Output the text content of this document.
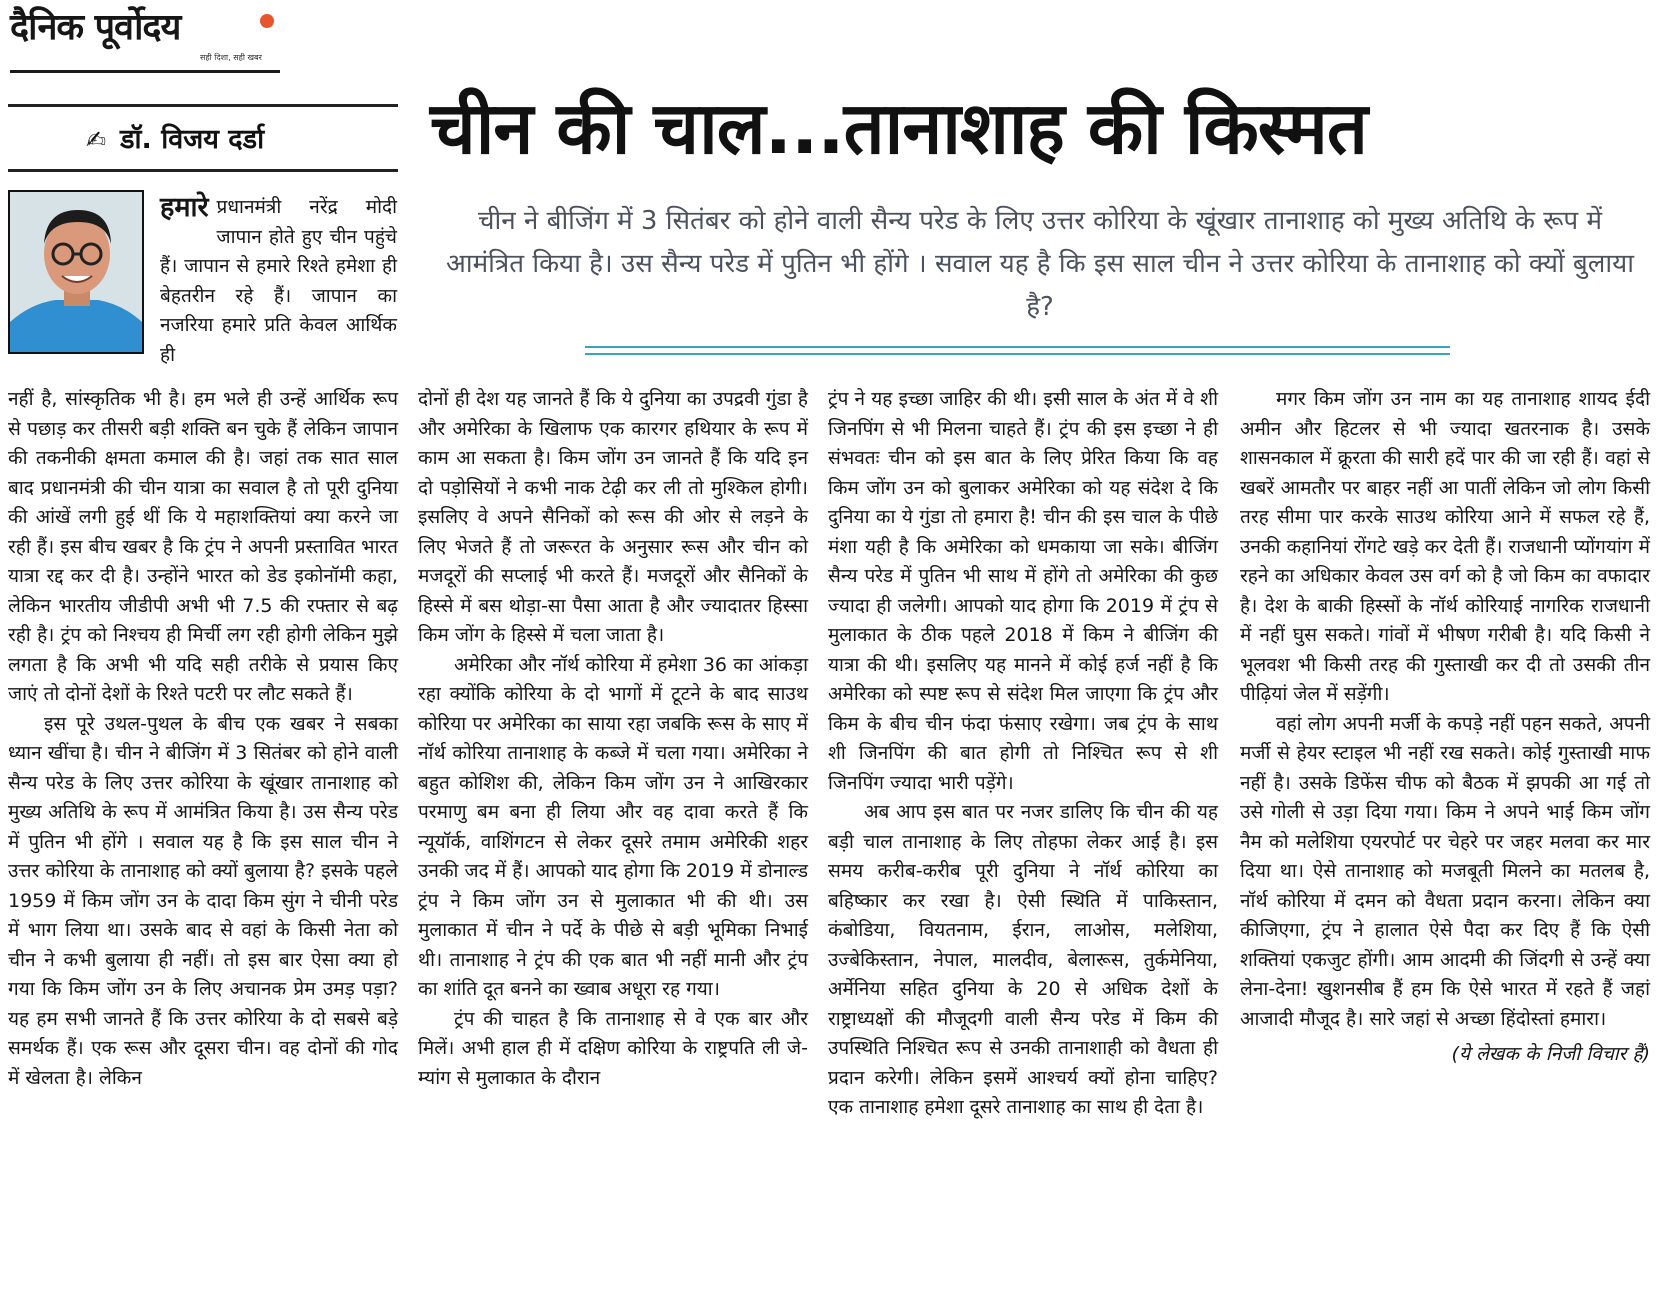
दैनिक पूर्वोदय
सही दिशा, सही खबर
✍ डॉ. विजय दर्डा चीन की चाल...तानाशाह की किस्मत
चीन ने बीजिंग में 3 सितंबर को होने वाली सैन्य परेड के लिए उत्तर कोरिया के खूंखार तानाशाह को मुख्य अतिथि के रूप में आमंत्रित किया है। उस सैन्य परेड में पुतिन भी होंगे । सवाल यह है कि इस साल चीन ने उत्तर कोरिया के तानाशाह को क्यों बुलाया है?

हमारे प्रधानमंत्री नरेंद्र मोदी जापान होते हुए चीन पहुंचे हैं। जापान से हमारे रिश्ते हमेशा ही बेहतरीन रहे हैं। जापान का नजरिया हमारे प्रति केवल आर्थिक ही

नहीं है, सांस्कृतिक भी है। हम भले ही उन्हें आर्थिक रूप से पछाड़ कर तीसरी बड़ी शक्ति बन चुके हैं लेकिन जापान की तकनीकी क्षमता कमाल की है। जहां तक सात साल बाद प्रधानमंत्री की चीन यात्रा का सवाल है तो पूरी दुनिया की आंखें लगी हुई थीं कि ये महाशक्तियां क्या करने जा रही हैं। इस बीच खबर है कि ट्रंप ने अपनी प्रस्तावित भारत यात्रा रद्द कर दी है। उन्होंने भारत को डेड इकोनॉमी कहा, लेकिन भारतीय जीडीपी अभी भी 7.5 की रफ्तार से बढ़ रही है। ट्रंप को निश्चय ही मिर्ची लग रही होगी लेकिन मुझे लगता है कि अभी भी यदि सही तरीके से प्रयास किए जाएं तो दोनों देशों के रिश्ते पटरी पर लौट सकते हैं।

इस पूरे उथल-पुथल के बीच एक खबर ने सबका ध्यान खींचा है। चीन ने बीजिंग में 3 सितंबर को होने वाली सैन्य परेड के लिए उत्तर कोरिया के खूंखार तानाशाह को मुख्य अतिथि के रूप में आमंत्रित किया है। उस सैन्य परेड में पुतिन भी होंगे । सवाल यह है कि इस साल चीन ने उत्तर कोरिया के तानाशाह को क्यों बुलाया है? इसके पहले 1959 में किम जोंग उन के दादा किम सुंग ने चीनी परेड में भाग लिया था। उसके बाद से वहां के किसी नेता को चीन ने कभी बुलाया ही नहीं। तो इस बार ऐसा क्या हो गया कि किम जोंग उन के लिए अचानक प्रेम उमड़ पड़ा? यह हम सभी जानते हैं कि उत्तर कोरिया के दो सबसे बड़े समर्थक हैं। एक रूस और दूसरा चीन। वह दोनों की गोद में खेलता है। लेकिन

दोनों ही देश यह जानते हैं कि ये दुनिया का उपद्रवी गुंडा है और अमेरिका के खिलाफ एक कारगर हथियार के रूप में काम आ सकता है। किम जोंग उन जानते हैं कि यदि इन दो पड़ोसियों ने कभी नाक टेढ़ी कर ली तो मुश्किल होगी। इसलिए वे अपने सैनिकों को रूस की ओर से लड़ने के लिए भेजते हैं तो जरूरत के अनुसार रूस और चीन को मजदूरों की सप्लाई भी करते हैं। मजदूरों और सैनिकों के हिस्से में बस थोड़ा-सा पैसा आता है और ज्यादातर हिस्सा किम जोंग के हिस्से में चला जाता है।

अमेरिका और नॉर्थ कोरिया में हमेशा 36 का आंकड़ा रहा क्योंकि कोरिया के दो भागों में टूटने के बाद साउथ कोरिया पर अमेरिका का साया रहा जबकि रूस के साए में नॉर्थ कोरिया तानाशाह के कब्जे में चला गया। अमेरिका ने बहुत कोशिश की, लेकिन किम जोंग उन ने आखिरकार परमाणु बम बना ही लिया और वह दावा करते हैं कि न्यूयॉर्क, वाशिंगटन से लेकर दूसरे तमाम अमेरिकी शहर उनकी जद में हैं। आपको याद होगा कि 2019 में डोनाल्ड ट्रंप ने किम जोंग उन से मुलाकात भी की थी। उस मुलाकात में चीन ने पर्दे के पीछे से बड़ी भूमिका निभाई थी। तानाशाह ने ट्रंप की एक बात भी नहीं मानी और ट्रंप का शांति दूत बनने का ख्वाब अधूरा रह गया।

ट्रंप की चाहत है कि तानाशाह से वे एक बार और मिलें। अभी हाल ही में दक्षिण कोरिया के राष्ट्रपति ली जे-म्यांग से मुलाकात के दौरान

ट्रंप ने यह इच्छा जाहिर की थी। इसी साल के अंत में वे शी जिनपिंग से भी मिलना चाहते हैं। ट्रंप की इस इच्छा ने ही संभवतः चीन को इस बात के लिए प्रेरित किया कि वह किम जोंग उन को बुलाकर अमेरिका को यह संदेश दे कि दुनिया का ये गुंडा तो हमारा है! चीन की इस चाल के पीछे मंशा यही है कि अमेरिका को धमकाया जा सके। बीजिंग सैन्य परेड में पुतिन भी साथ में होंगे तो अमेरिका की कुछ ज्यादा ही जलेगी। आपको याद होगा कि 2019 में ट्रंप से मुलाकात के ठीक पहले 2018 में किम ने बीजिंग की यात्रा की थी। इसलिए यह मानने में कोई हर्ज नहीं है कि अमेरिका को स्पष्ट रूप से संदेश मिल जाएगा कि ट्रंप और किम के बीच चीन फंदा फंसाए रखेगा। जब ट्रंप के साथ शी जिनपिंग की बात होगी तो निश्चित रूप से शी जिनपिंग ज्यादा भारी पड़ेंगे।

अब आप इस बात पर नजर डालिए कि चीन की यह बड़ी चाल तानाशाह के लिए तोहफा लेकर आई है। इस समय करीब-करीब पूरी दुनिया ने नॉर्थ कोरिया का बहिष्कार कर रखा है। ऐसी स्थिति में पाकिस्तान, कंबोडिया, वियतनाम, ईरान, लाओस, मलेशिया, उज्बेकिस्तान, नेपाल, मालदीव, बेलारूस, तुर्कमेनिया, अर्मेनिया सहित दुनिया के 20 से अधिक देशों के राष्ट्राध्यक्षों की मौजूदगी वाली सैन्य परेड में किम की उपस्थिति निश्चित रूप से उनकी तानाशाही को वैधता ही प्रदान करेगी। लेकिन इसमें आश्चर्य क्यों होना चाहिए? एक तानाशाह हमेशा दूसरे तानाशाह का साथ ही देता है।

मगर किम जोंग उन नाम का यह तानाशाह शायद ईदी अमीन और हिटलर से भी ज्यादा खतरनाक है। उसके शासनकाल में क्रूरता की सारी हदें पार की जा रही हैं। वहां से खबरें आमतौर पर बाहर नहीं आ पातीं लेकिन जो लोग किसी तरह सीमा पार करके साउथ कोरिया आने में सफल रहे हैं, उनकी कहानियां रोंगटे खड़े कर देती हैं। राजधानी प्योंगयांग में रहने का अधिकार केवल उस वर्ग को है जो किम का वफादार है। देश के बाकी हिस्सों के नॉर्थ कोरियाई नागरिक राजधानी में नहीं घुस सकते। गांवों में भीषण गरीबी है। यदि किसी ने भूलवश भी किसी तरह की गुस्ताखी कर दी तो उसकी तीन पीढ़ियां जेल में सड़ेंगी।

वहां लोग अपनी मर्जी के कपड़े नहीं पहन सकते, अपनी मर्जी से हेयर स्टाइल भी नहीं रख सकते। कोई गुस्ताखी माफ नहीं है। उसके डिफेंस चीफ को बैठक में झपकी आ गई तो उसे गोली से उड़ा दिया गया। किम ने अपने भाई किम जोंग नैम को मलेशिया एयरपोर्ट पर चेहरे पर जहर मलवा कर मार दिया था। ऐसे तानाशाह को मजबूती मिलने का मतलब है, नॉर्थ कोरिया में दमन को वैधता प्रदान करना। लेकिन क्या कीजिएगा, ट्रंप ने हालात ऐसे पैदा कर दिए हैं कि ऐसी शक्तियां एकजुट होंगी। आम आदमी की जिंदगी से उन्हें क्या लेना-देना! खुशनसीब हैं हम कि ऐसे भारत में रहते हैं जहां आजादी मौजूद है। सारे जहां से अच्छा हिंदोस्तां हमारा।

(ये लेखक के निजी विचार हैं)
